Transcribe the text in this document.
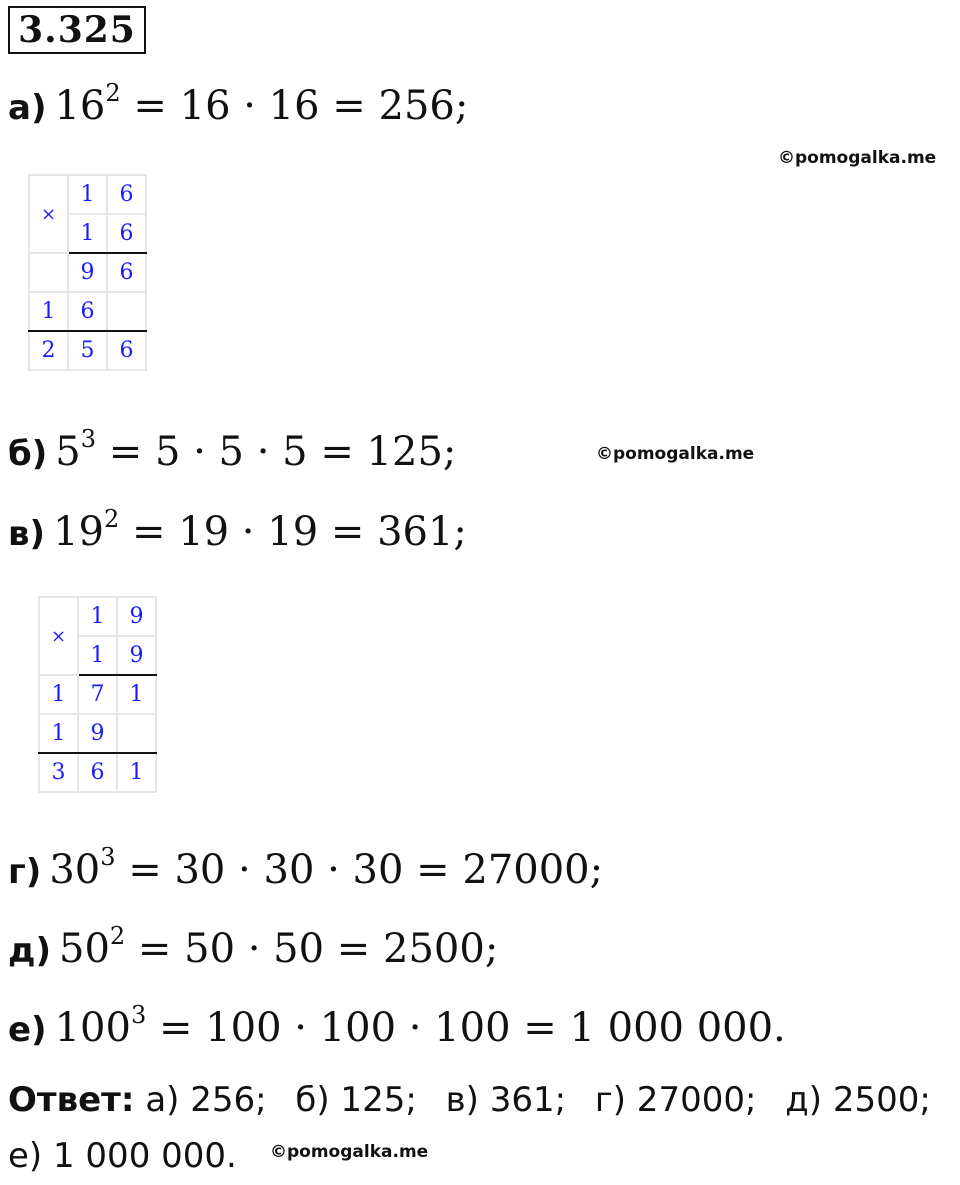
3.325
а) $16^2 = 16 \cdot 16 = 256$;
©pomogalka.me
×	1	6
	1	6
	9	6
1	6	
2	5	6
б) $5^3 = 5 \cdot 5 \cdot 5 = 125$;	©pomogalka.me
в) $19^2 = 19 \cdot 19 = 361$;
×	1	9
	1	9
1	7	1
1	9	
3	6	1
г) $30^3 = 30 \cdot 30 \cdot 30 = 27000$;
д) $50^2 = 50 \cdot 50 = 2500$;
е) $100^3 = 100 \cdot 100 \cdot 100 = 1$ 000 000.
Ответ: а) 256; б) 125; в) 361; г) 27000; д) 2500;
е) 1 000 000. ©pomogalka.me
